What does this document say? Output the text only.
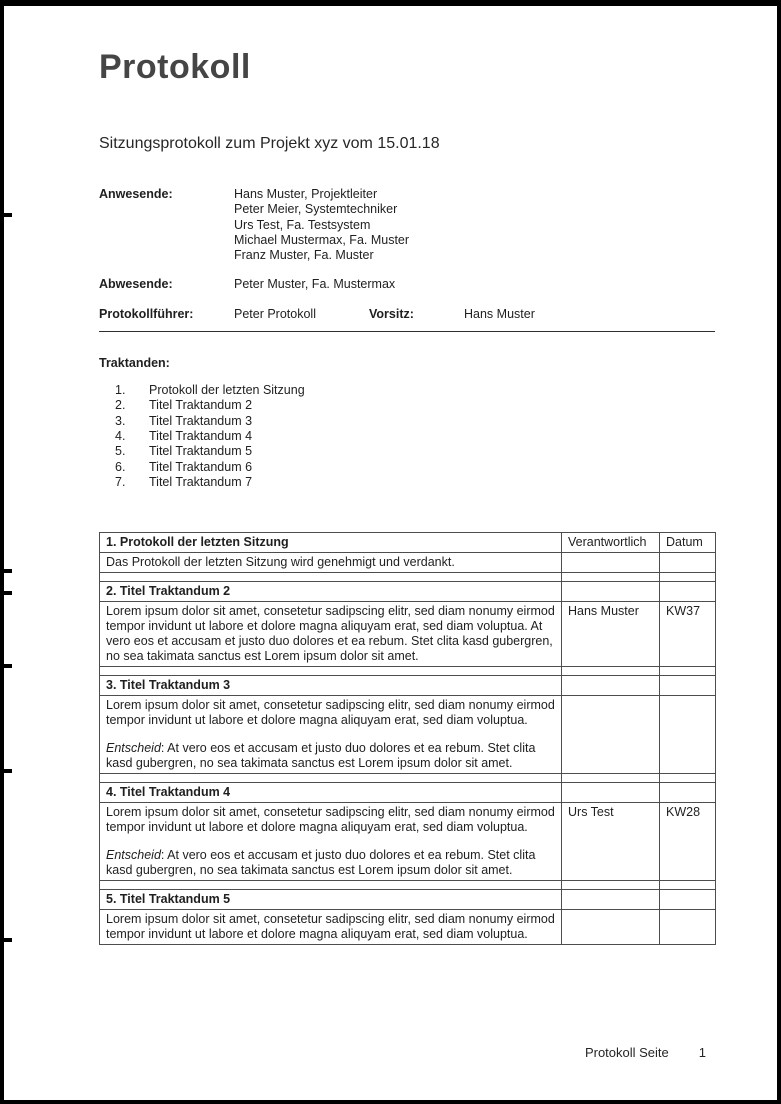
Protokoll

Sitzungsprotokoll zum Projekt xyz vom 15.01.18

Anwesende:	Hans Muster, Projektleiter
Peter Meier, Systemtechniker
Urs Test, Fa. Testsystem
Michael Mustermax, Fa. Muster
Franz Muster, Fa. Muster
Abwesende:	Peter Muster, Fa. Mustermax
Protokollführer:	Peter Protokoll	Vorsitz:	Hans Muster
Traktanden:
1.	Protokoll der letzten Sitzung
2.	Titel Traktandum 2
3.	Titel Traktandum 3
4.	Titel Traktandum 4
5.	Titel Traktandum 5
6.	Titel Traktandum 6
7.	Titel Traktandum 7
1. Protokoll der letzten Sitzung	Verantwortlich	Datum

Das Protokoll der letzten Sitzung wird genehmigt und verdankt.		

2. Titel Traktandum 2		

Lorem ipsum dolor sit amet, consetetur sadipscing elitr, sed diam nonumy eirmod tempor invidunt ut labore et dolore magna aliquyam erat, sed diam voluptua. At vero eos et accusam et justo duo dolores et ea rebum. Stet clita kasd gubergren, no sea takimata sanctus est Lorem ipsum dolor sit amet.	Hans Muster	KW37

3. Titel Traktandum 3		

Lorem ipsum dolor sit amet, consetetur sadipscing elitr, sed diam nonumy eirmod tempor invidunt ut labore et dolore magna aliquyam erat, sed diam voluptua.

Entscheid: At vero eos et accusam et justo duo dolores et ea rebum. Stet clita kasd gubergren, no sea takimata sanctus est Lorem ipsum dolor sit amet.		

4. Titel Traktandum 4		

Lorem ipsum dolor sit amet, consetetur sadipscing elitr, sed diam nonumy eirmod tempor invidunt ut labore et dolore magna aliquyam erat, sed diam voluptua.

Entscheid: At vero eos et accusam et justo duo dolores et ea rebum. Stet clita kasd gubergren, no sea takimata sanctus est Lorem ipsum dolor sit amet.	Urs Test	KW28

5. Titel Traktandum 5		

Lorem ipsum dolor sit amet, consetetur sadipscing elitr, sed diam nonumy eirmod tempor invidunt ut labore et dolore magna aliquyam erat, sed diam voluptua.		

Protokoll Seite 1
